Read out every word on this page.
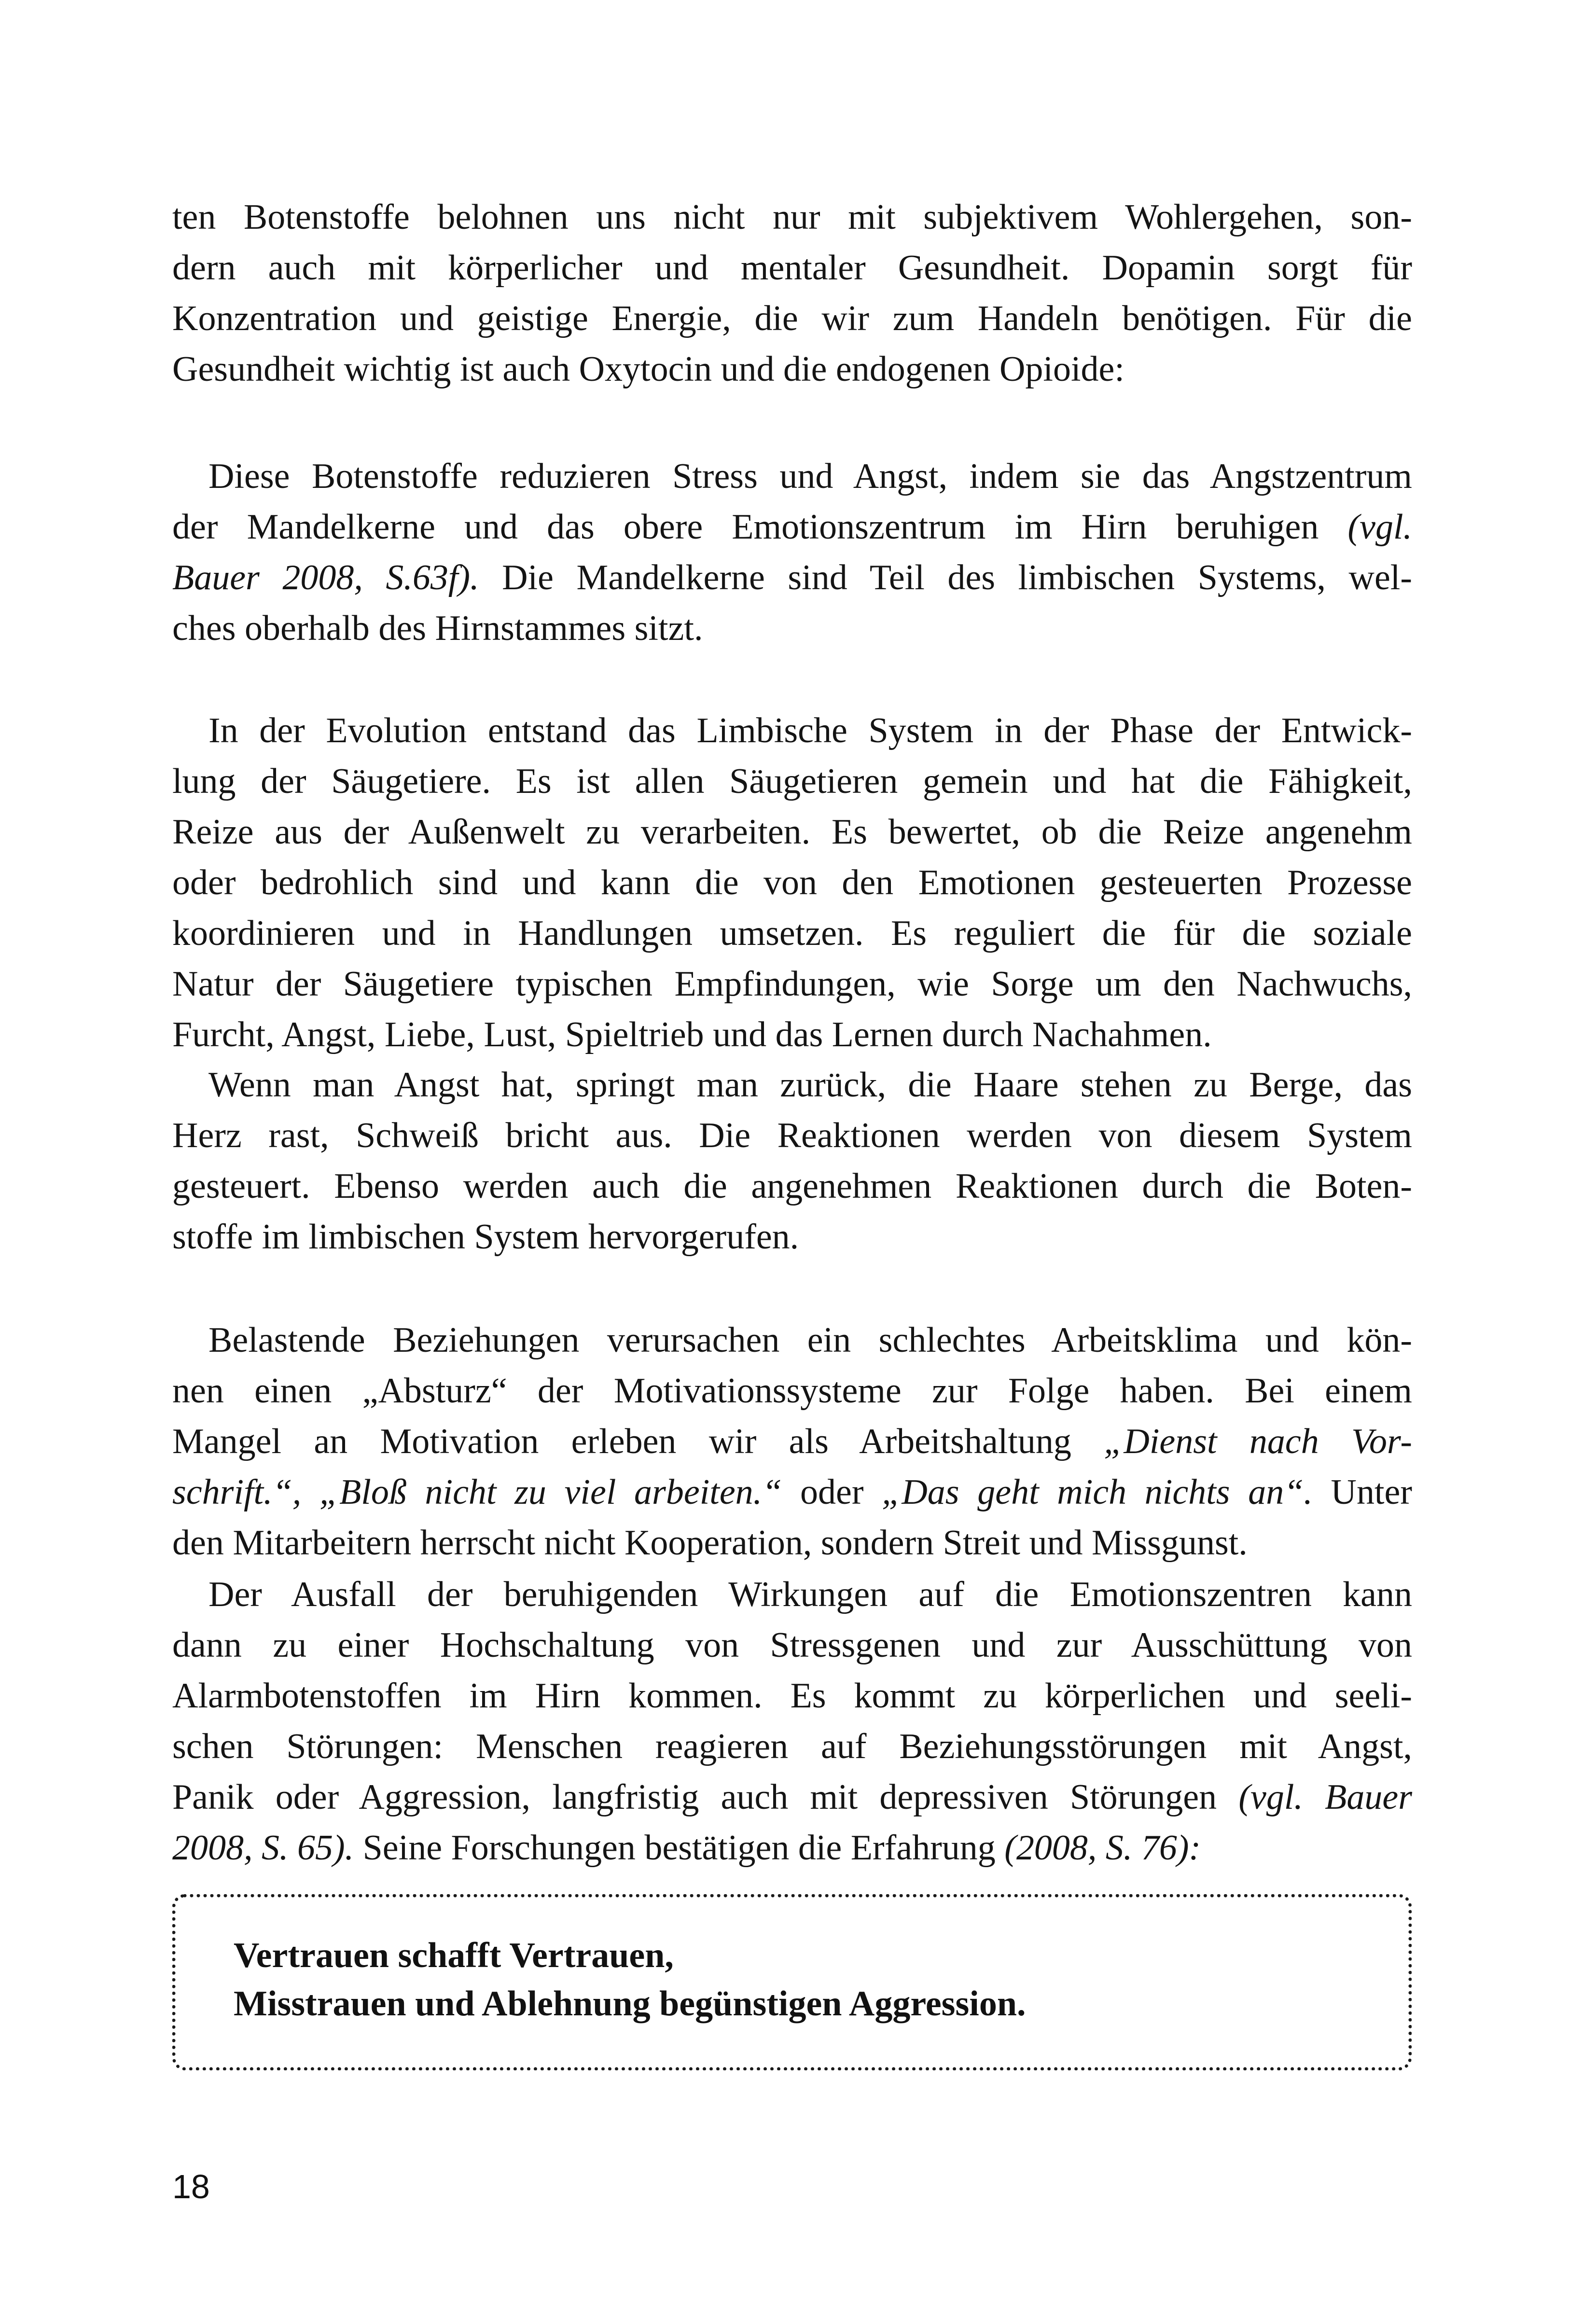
ten Botenstoffe belohnen uns nicht nur mit subjektivem Wohlergehen, son-
dern auch mit körperlicher und mentaler Gesundheit. Dopamin sorgt für
Konzentration und geistige Energie, die wir zum Handeln benötigen. Für die
Gesundheit wichtig ist auch Oxytocin und die endogenen Opioide:
Diese Botenstoffe reduzieren Stress und Angst, indem sie das Angstzentrum
der Mandelkerne und das obere Emotionszentrum im Hirn beruhigen (vgl.
Bauer 2008, S.63f). Die Mandelkerne sind Teil des limbischen Systems, wel-
ches oberhalb des Hirnstammes sitzt.
In der Evolution entstand das Limbische System in der Phase der Entwick-
lung der Säugetiere. Es ist allen Säugetieren gemein und hat die Fähigkeit,
Reize aus der Außenwelt zu verarbeiten. Es bewertet, ob die Reize angenehm
oder bedrohlich sind und kann die von den Emotionen gesteuerten Prozesse
koordinieren und in Handlungen umsetzen. Es reguliert die für die soziale
Natur der Säugetiere typischen Empfindungen, wie Sorge um den Nachwuchs,
Furcht, Angst, Liebe, Lust, Spieltrieb und das Lernen durch Nachahmen.
Wenn man Angst hat, springt man zurück, die Haare stehen zu Berge, das
Herz rast, Schweiß bricht aus. Die Reaktionen werden von diesem System
gesteuert. Ebenso werden auch die angenehmen Reaktionen durch die Boten-
stoffe im limbischen System hervorgerufen.
Belastende Beziehungen verursachen ein schlechtes Arbeitsklima und kön-
nen einen „Absturz“ der Motivationssysteme zur Folge haben. Bei einem
Mangel an Motivation erleben wir als Arbeitshaltung „Dienst nach Vor-
schrift.“, „Bloß nicht zu viel arbeiten.“ oder „Das geht mich nichts an“. Unter
den Mitarbeitern herrscht nicht Kooperation, sondern Streit und Missgunst.
Der Ausfall der beruhigenden Wirkungen auf die Emotionszentren kann
dann zu einer Hochschaltung von Stressgenen und zur Ausschüttung von
Alarmbotenstoffen im Hirn kommen. Es kommt zu körperlichen und seeli-
schen Störungen: Menschen reagieren auf Beziehungsstörungen mit Angst,
Panik oder Aggression, langfristig auch mit depressiven Störungen (vgl. Bauer
2008, S. 65). Seine Forschungen bestätigen die Erfahrung (2008, S. 76):
Vertrauen schafft Vertrauen,
Misstrauen und Ablehnung begünstigen Aggression.
18
